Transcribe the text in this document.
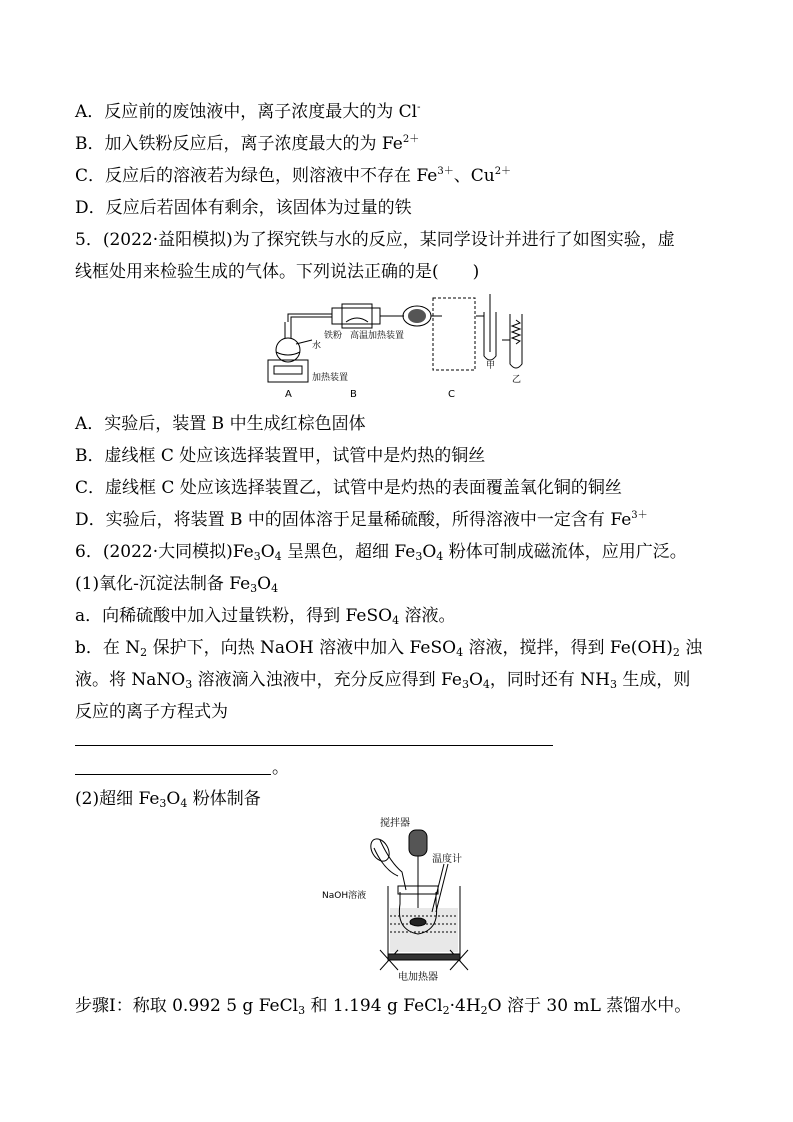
A．反应前的废蚀液中，离子浓度最大的为 Cl-
B．加入铁粉反应后，离子浓度最大的为 $Fe^{2+}$
C．反应后的溶液若为绿色，则溶液中不存在 $Fe^{3+}$、$Cu^{2+}$
D．反应后若固体有剩余，该固体为过量的铁
5．(2022·益阳模拟)为了探究铁与水的反应，某同学设计并进行了如图实验，虚
线框处用来检验生成的气体。下列说法正确的是(　　)
水
铁粉 高温加热装置
加热装置
A	B	C
甲
乙
A．实验后，装置 B 中生成红棕色固体
B．虚线框 C 处应该选择装置甲，试管中是灼热的铜丝
C．虚线框 C 处应该选择装置乙，试管中是灼热的表面覆盖氧化铜的铜丝
D．实验后，将装置 B 中的固体溶于足量稀硫酸，所得溶液中一定含有 $Fe^{3+}$
6．(2022·大同模拟)$Fe_3O_4$ 呈黑色，超细 $Fe_3O_4$ 粉体可制成磁流体，应用广泛。
(1)氧化-沉淀法制备 $Fe_3O_4$
a．向稀硫酸中加入过量铁粉，得到 FeSO$_4$ 溶液。
b．在 $N_2$ 保护下，向热 NaOH 溶液中加入 FeSO$_4$ 溶液，搅拌，得到 $Fe(OH)_2$ 浊
液。将 NaNO$_3$ 溶液滴入浊液中，充分反应得到 $Fe_3O_4$，同时还有 $NH_3$ 生成，则
反应的离子方程式为
。
(2)超细 $Fe_3O_4$ 粉体制备
搅拌器
温度计
NaOH溶液
电加热器
步骤Ⅰ：称取 0.992 5 g FeCl$_3$ 和 1.194 g $FeCl_2\cdot 4H_2O$ 溶于 30 mL 蒸馏水中。
